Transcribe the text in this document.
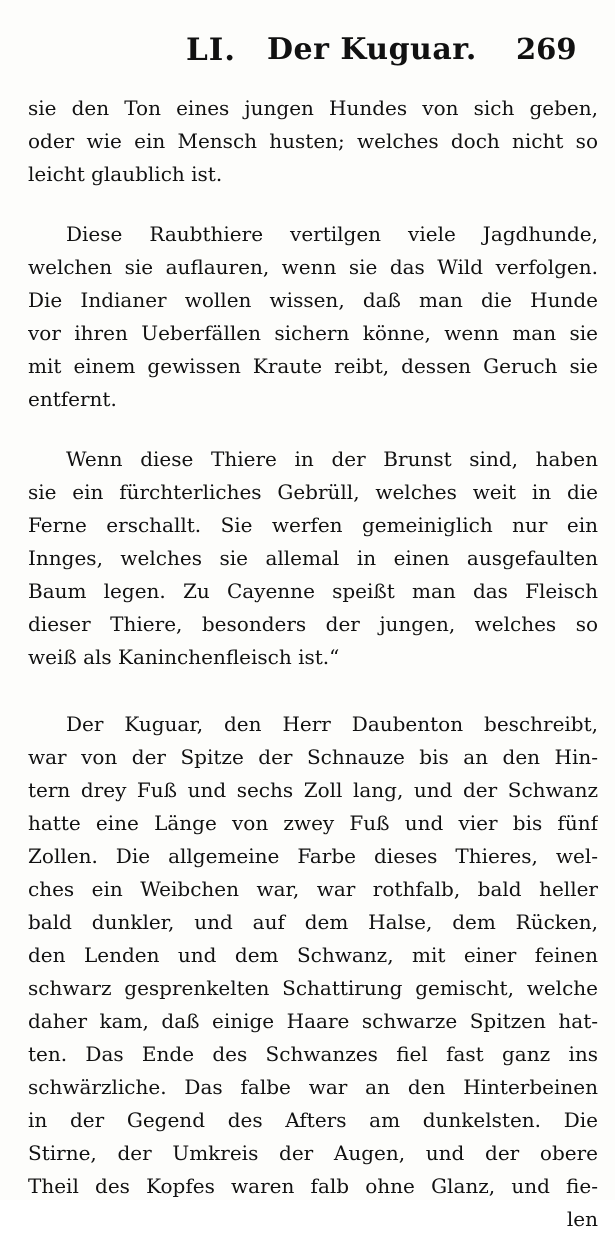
LI. Der Kuguar. 269
sie den Ton eines jungen Hundes von sich geben,
oder wie ein Mensch husten; welches doch nicht so
leicht glaublich ist.
Diese Raubthiere vertilgen viele Jagdhunde,
welchen sie auflauren, wenn sie das Wild verfolgen.
Die Indianer wollen wissen, daß man die Hunde
vor ihren Ueberfällen sichern könne, wenn man sie
mit einem gewissen Kraute reibt, dessen Geruch sie
entfernt.
Wenn diese Thiere in der Brunst sind, haben
sie ein fürchterliches Gebrüll, welches weit in die
Ferne erschallt. Sie werfen gemeiniglich nur ein
Innges, welches sie allemal in einen ausgefaulten
Baum legen. Zu Cayenne speißt man das Fleisch
dieser Thiere, besonders der jungen, welches so
weiß als Kaninchenfleisch ist.“
Der Kuguar, den Herr Daubenton beschreibt,
war von der Spitze der Schnauze bis an den Hin-
tern drey Fuß und sechs Zoll lang, und der Schwanz
hatte eine Länge von zwey Fuß und vier bis fünf
Zollen. Die allgemeine Farbe dieses Thieres, wel-
ches ein Weibchen war, war rothfalb, bald heller
bald dunkler, und auf dem Halse, dem Rücken,
den Lenden und dem Schwanz, mit einer feinen
schwarz gesprenkelten Schattirung gemischt, welche
daher kam, daß einige Haare schwarze Spitzen hat-
ten. Das Ende des Schwanzes fiel fast ganz ins
schwärzliche. Das falbe war an den Hinterbeinen
in der Gegend des Afters am dunkelsten. Die
Stirne, der Umkreis der Augen, und der obere
Theil des Kopfes waren falb ohne Glanz, und fie-
len
